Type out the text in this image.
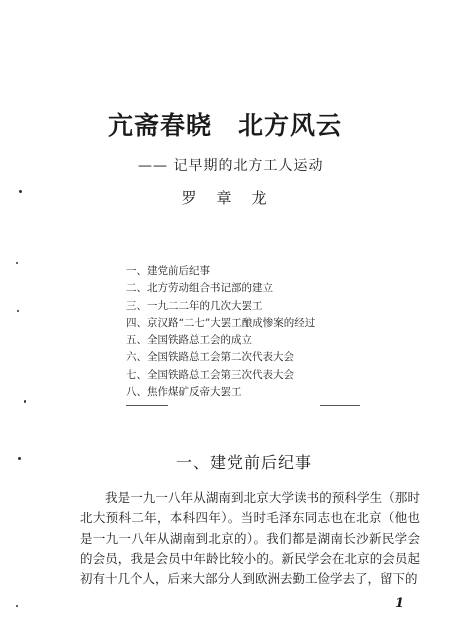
亢斋春晓 北方风云
—— 记早期的北方工人运动
罗章龙
一、建党前后纪事
二、北方劳动组合书记部的建立
三、一九二二年的几次大罢工
四、京汉路“二七”大罢工酿成惨案的经过
五、全国铁路总工会的成立
六、全国铁路总工会第二次代表大会
七、全国铁路总工会第三次代表大会
八、焦作煤矿反帝大罢工
一、建党前后纪事

我是一九一八年从湖南到北京大学读书的预科学生（那时北大预科二年，本科四年）。当时毛泽东同志也在北京（他也是一九一八年从湖南到北京的）。我们都是湖南长沙新民学会的会员，我是会员中年龄比较小的。新民学会在北京的会员起初有十几个人，后来大部分人到欧洲去勤工俭学去了，留下的

1
